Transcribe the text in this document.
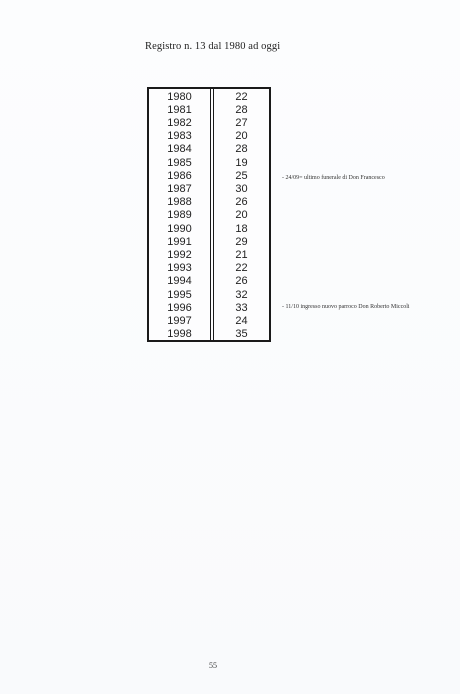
Registro n. 13 dal 1980 ad oggi
1980	22
1981	28
1982	27
1983	20
1984	28
1985	19
1986	25
1987	30
1988	26
1989	20
1990	18
1991	29
1992	21
1993	22
1994	26
1995	32
1996	33
1997	24
1998	35
- 24/09= ultimo funerale di Don Francesco
- 11/10 ingresso nuovo parroco Don Roberto Miccoli
55
